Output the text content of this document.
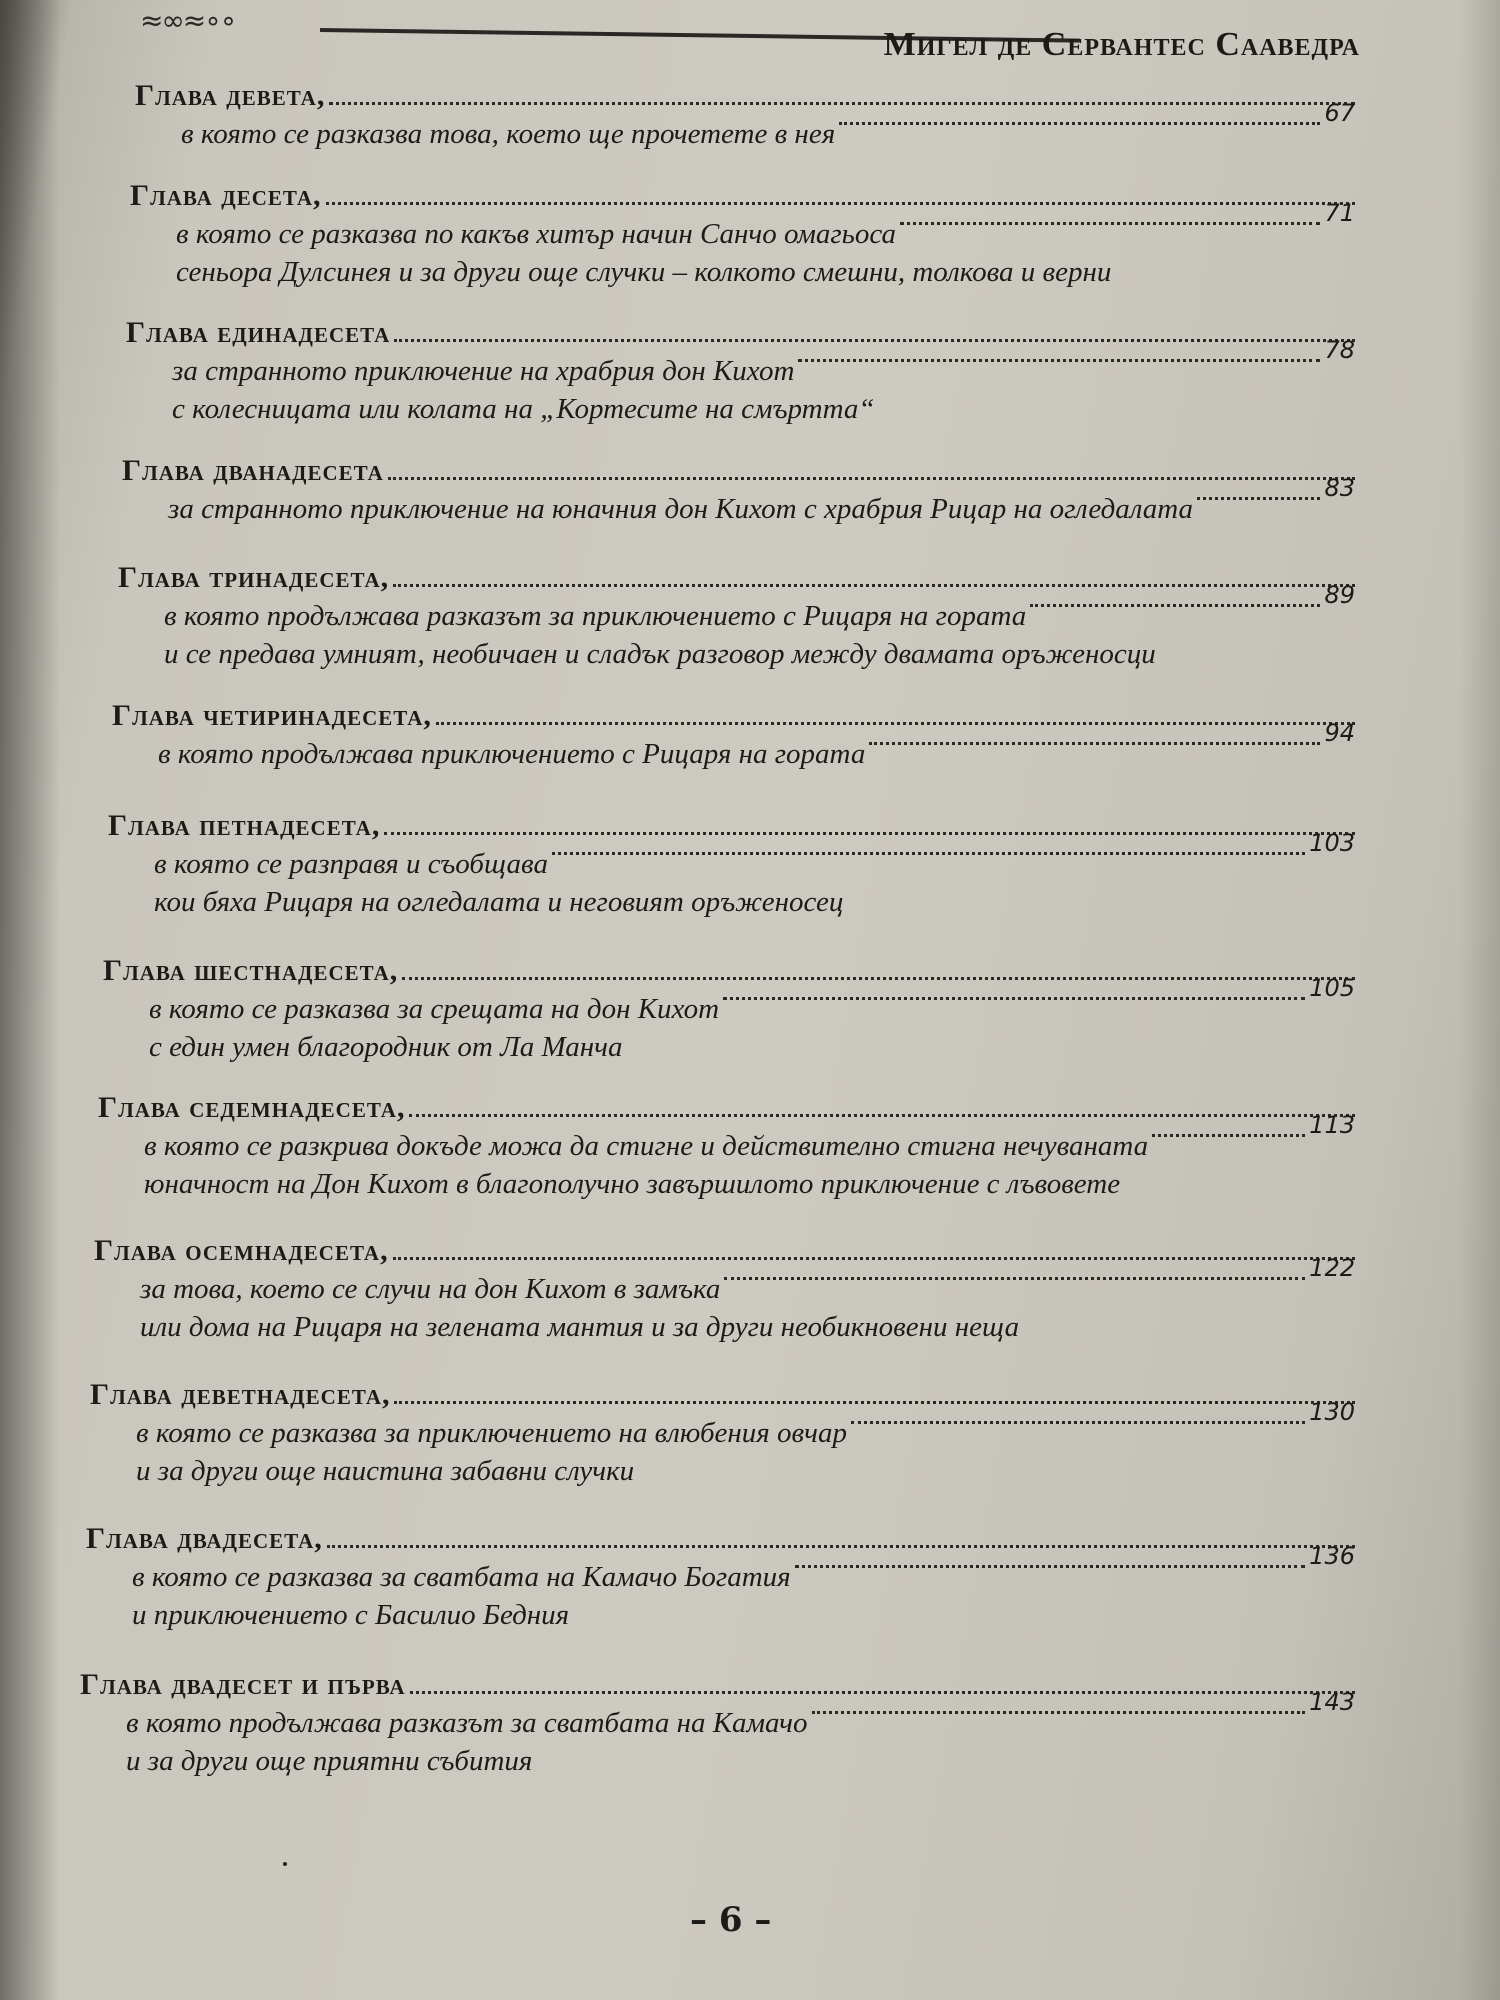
≈∞≈∘∘
Мигел де Сервантес Сааведра
Глава девета,
в която се разказва това, което ще прочетете в нея
67
Глава десета,
в която се разказва по какъв хитър начин Санчо омагьоса
71
сеньора Дулсинея и за други още случки – колкото смешни, толкова и верни
Глава единадесета
за странното приключение на храбрия дон Кихот
78
с колесницата или колата на „Кортесите на смъртта“
Глава дванадесета
за странното приключение на юначния дон Кихот с храбрия Рицар на огледалата
83
Глава тринадесета,
в която продължава разказът за приключението с Рицаря на гората
89
и се предава умният, необичаен и сладък разговор между двамата оръженосци
Глава четиринадесета,
в която продължава приключението с Рицаря на гората
94
Глава петнадесета,
в която се разправя и съобщава
103
кои бяха Рицаря на огледалата и неговият оръженосец
Глава шестнадесета,
в която се разказва за срещата на дон Кихот
105
с един умен благородник от Ла Манча
Глава седемнадесета,
в която се разкрива докъде можа да стигне и действително стигна нечуваната
113
юначност на Дон Кихот в благополучно завършилото приключение с лъвовете
Глава осемнадесета,
за това, което се случи на дон Кихот в замъка
122
или дома на Рицаря на зелената мантия и за други необикновени неща
Глава деветнадесета,
в която се разказва за приключението на влюбения овчар
130
и за други още наистина забавни случки
Глава двадесета,
в която се разказва за сватбата на Камачо Богатия
136
и приключението с Басилио Бедния
Глава двадесет и първа
в която продължава разказът за сватбата на Камачо
143
и за други още приятни събития
– 6 –
